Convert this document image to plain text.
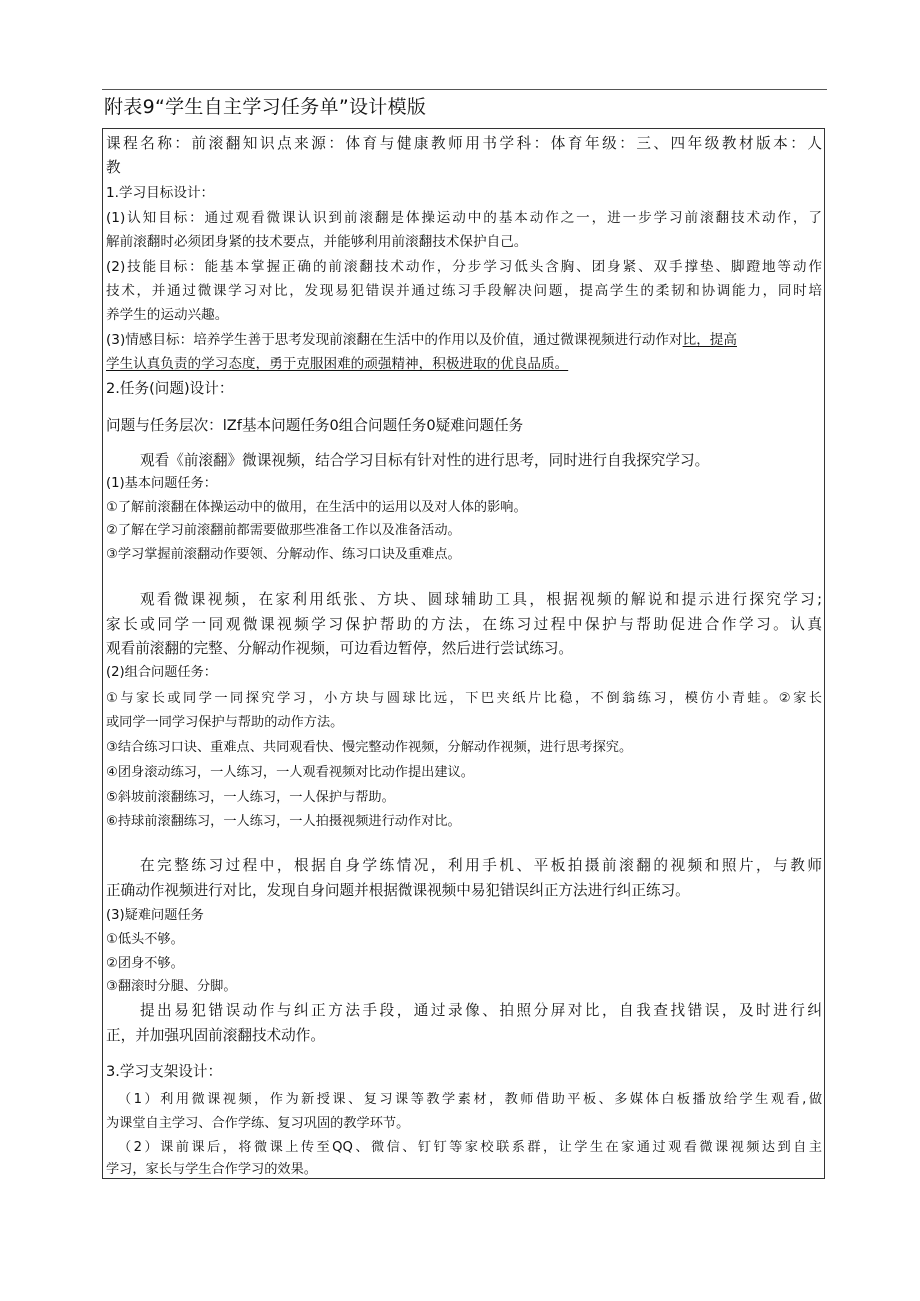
附表9“学生自主学习任务单”设计模版
课程名称：前滚翻知识点来源：体育与健康教师用书学科：体育年级：三、四年级教材版本：人
教
1.学习目标设计：
(1)认知目标：通过观看微课认识到前滚翻是体操运动中的基本动作之一，进一步学习前滚翻技术动作，了
解前滚翻时必须团身紧的技术要点，并能够利用前滚翻技术保护自己。
(2)技能目标：能基本掌握正确的前滚翻技术动作，分步学习低头含胸、团身紧、双手撑垫、脚蹬地等动作
技术，并通过微课学习对比，发现易犯错误并通过练习手段解决问题，提高学生的柔韧和协调能力，同时培
养学生的运动兴趣。
(3)情感目标：培养学生善于思考发现前滚翻在生活中的作用以及价值，通过微课视频进行动作对比，提高
学生认真负责的学习态度，勇于克服困难的顽强精神，积极进取的优良品质。
2.任务(问题)设计：
问题与任务层次：lZf基本问题任务0组合问题任务0疑难问题任务
观看《前滚翻》微课视频，结合学习目标有针对性的进行思考，同时进行自我探究学习。
(1)基本问题任务：
①了解前滚翻在体操运动中的做用，在生活中的运用以及对人体的影响。
②了解在学习前滚翻前都需要做那些准备工作以及准备活动。
③学习掌握前滚翻动作要领、分解动作、练习口诀及重难点。
观看微课视频，在家利用纸张、方块、圆球辅助工具，根据视频的解说和提示进行探究学习;
家长或同学一同观微课视频学习保护帮助的方法，在练习过程中保护与帮助促进合作学习。认真
观看前滚翻的完整、分解动作视频，可边看边暂停，然后进行尝试练习。
(2)组合问题任务：
①与家长或同学一同探究学习，小方块与圆球比远，下巴夹纸片比稳，不倒翁练习，模仿小青蛙。②家长
或同学一同学习保护与帮助的动作方法。
③结合练习口诀、重难点、共同观看快、慢完整动作视频，分解动作视频，进行思考探究。
④团身滚动练习，一人练习，一人观看视频对比动作提出建议。
⑤斜坡前滚翻练习，一人练习，一人保护与帮助。
⑥持球前滚翻练习，一人练习，一人拍摄视频进行动作对比。
在完整练习过程中，根据自身学练情况，利用手机、平板拍摄前滚翻的视频和照片，与教师
正确动作视频进行对比，发现自身问题并根据微课视频中易犯错误纠正方法进行纠正练习。
(3)疑难问题任务
①低头不够。
②团身不够。
③翻滚时分腿、分脚。
提出易犯错误动作与纠正方法手段，通过录像、拍照分屏对比，自我查找错误，及时进行纠
正，并加强巩固前滚翻技术动作。
3.学习支架设计：
（1）利用微课视频，作为新授课、复习课等教学素材，教师借助平板、多媒体白板播放给学生观看,做
为课堂自主学习、合作学练、复习巩固的教学环节。
（2）课前课后，将微课上传至QQ、微信、钉钉等家校联系群，让学生在家通过观看微课视频达到自主
学习，家长与学生合作学习的效果。
